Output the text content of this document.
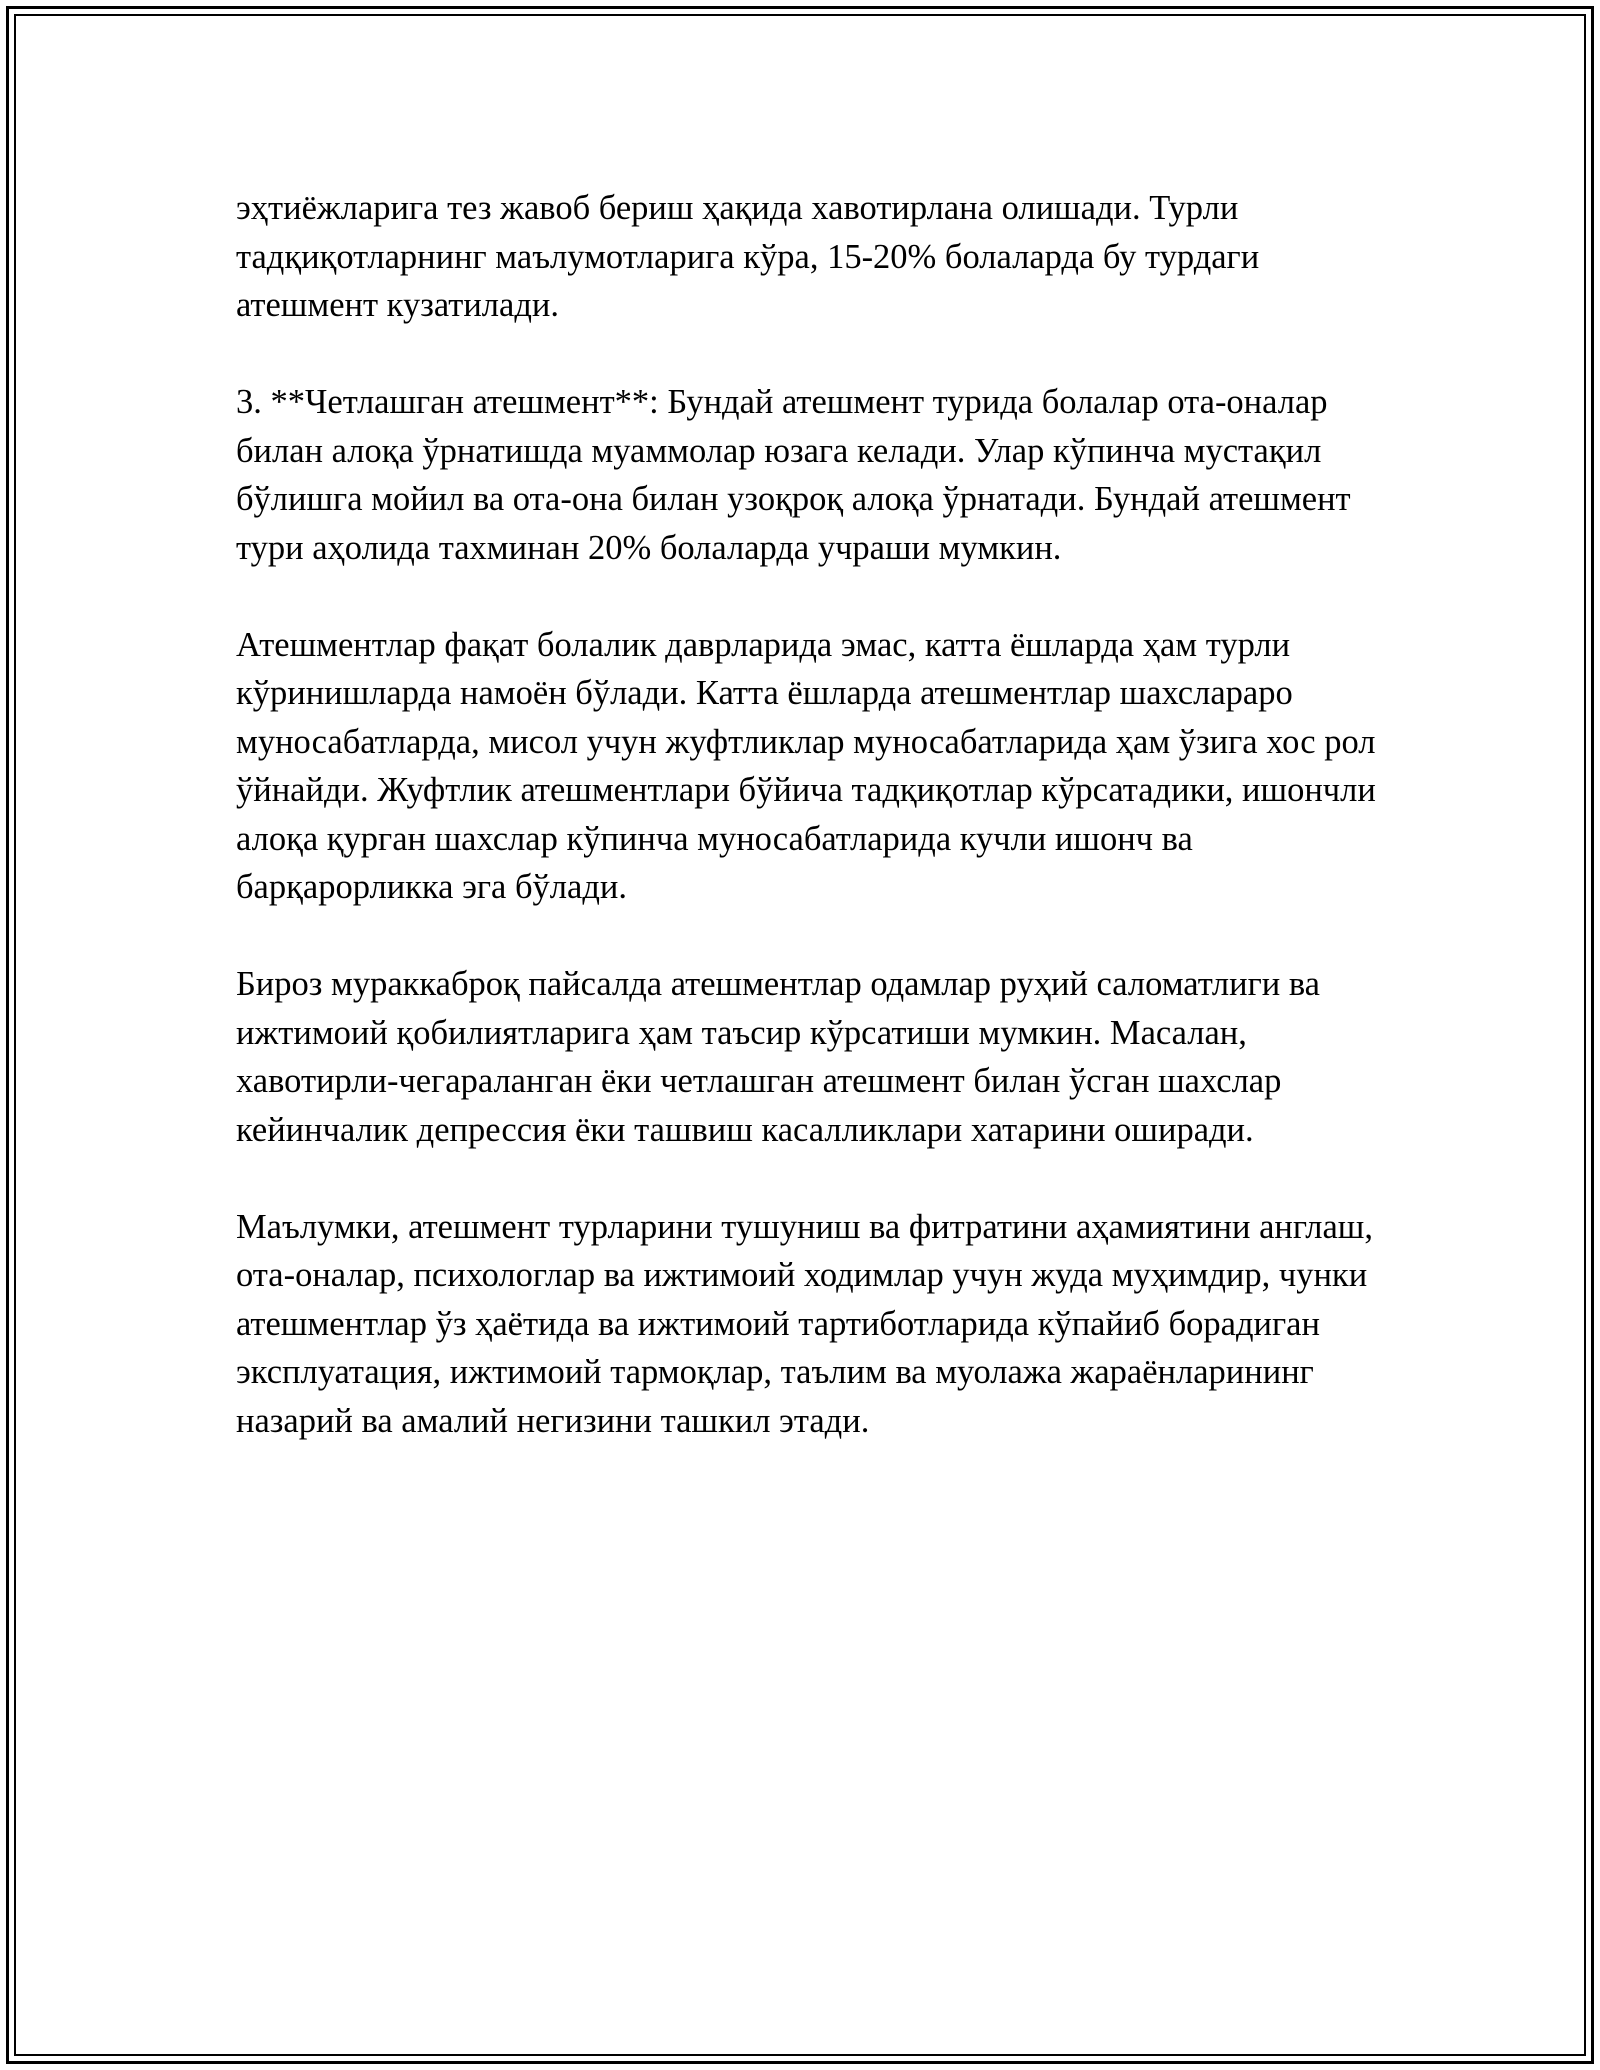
эҳтиёжларига тез жавоб бериш ҳақида хавотирлана олишади. Турли тадқиқотларнинг маълумотларига кўра, 15-20% болаларда бу турдаги атешмент кузатилади.

3. **Четлашган атешмент**: Бундай атешмент турида болалар ота-оналар билан алоқа ўрнатишда муаммолар юзага келади. Улар кўпинча мустақил бўлишга мойил ва ота-она билан узоқроқ алоқа ўрнатади. Бундай атешмент тури аҳолида тахминан 20% болаларда учраши мумкин.

Атешментлар фақат болалик даврларида эмас, катта ёшларда ҳам турли кўринишларда намоён бўлади. Катта ёшларда атешментлар шахслараро муносабатларда, мисол учун жуфтликлар муносабатларида ҳам ўзига хос рол ўйнайди. Жуфтлик атешментлари бўйича тадқиқотлар кўрсатадики, ишончли алоқа қурган шахслар кўпинча муносабатларида кучли ишонч ва барқарорликка эга бўлади.

Бироз мураккаброқ пайсалда атешментлар одамлар руҳий саломатлиги ва ижтимоий қобилиятларига ҳам таъсир кўрсатиши мумкин. Масалан, хавотирли-чегараланган ёки четлашган атешмент билан ўсган шахслар кейинчалик депрессия ёки ташвиш касалликлари хатарини оширади.

Маълумки, атешмент турларини тушуниш ва фитратини аҳамиятини англаш, ота-оналар, психологлар ва ижтимоий ходимлар учун жуда муҳимдир, чунки атешментлар ўз ҳаётида ва ижтимоий тартиботларида кўпайиб борадиган эксплуатация, ижтимоий тармоқлар, таълим ва муолажа жараёнларининг назарий ва амалий негизини ташкил этади.
